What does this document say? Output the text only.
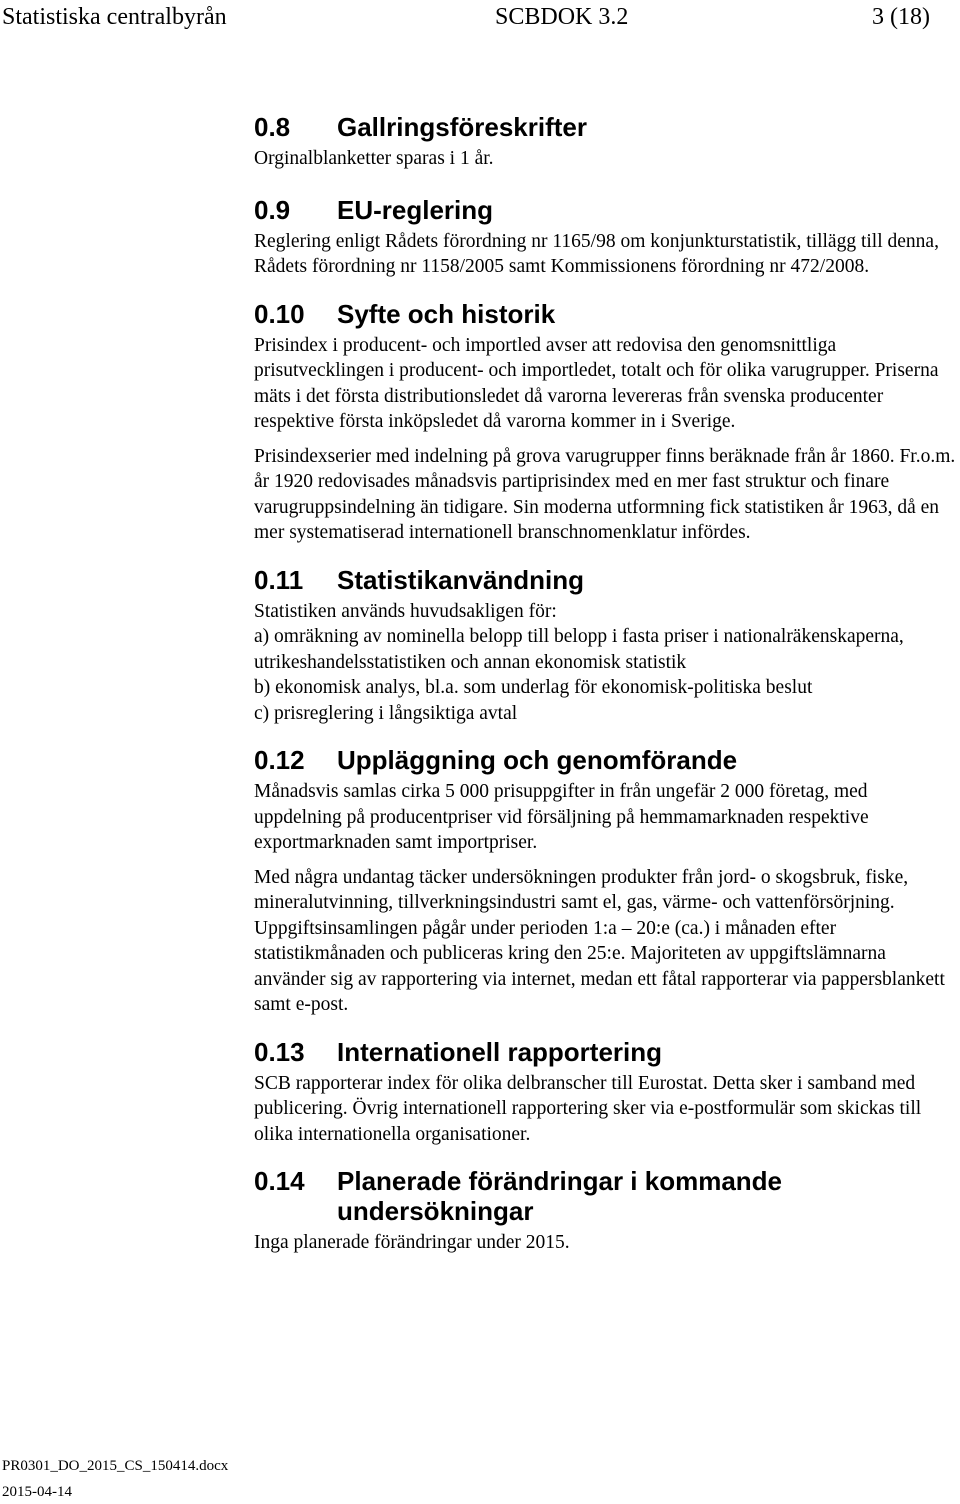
Statistiska centralbyrån	SCBDOK 3.2	3 (18)
0.8	Gallringsföreskrifter

Orginalblanketter sparas i 1 år.

0.9	EU-reglering

Reglering enligt Rådets förordning nr 1165/98 om konjunkturstatistik, tillägg till denna, Rådets förordning nr 1158/2005 samt Kommissionens förordning nr 472/2008.

0.10	Syfte och historik

Prisindex i producent- och importled avser att redovisa den genomsnittliga prisutvecklingen i producent- och importledet, totalt och för olika varugrupper. Priserna mäts i det första distributionsledet då varorna levereras från svenska producenter respektive första inköpsledet då varorna kommer in i Sverige.

Prisindexserier med indelning på grova varugrupper finns beräknade från år 1860. Fr.o.m. år 1920 redovisades månadsvis partiprisindex med en mer fast struktur och finare varugruppsindelning än tidigare. Sin moderna utformning fick statistiken år 1963, då en mer systematiserad internationell branschnomenklatur infördes.

0.11	Statistikanvändning

Statistiken används huvudsakligen för:

a) omräkning av nominella belopp till belopp i fasta priser i nationalräkenskaperna, utrikeshandelsstatistiken och annan ekonomisk statistik

b) ekonomisk analys, bl.a. som underlag för ekonomisk-politiska beslut

c) prisreglering i långsiktiga avtal

0.12	Uppläggning och genomförande

Månadsvis samlas cirka 5 000 prisuppgifter in från ungefär 2 000 företag, med uppdelning på producentpriser vid försäljning på hemmamarknaden respektive exportmarknaden samt importpriser.

Med några undantag täcker undersökningen produkter från jord- o skogsbruk, fiske, mineralutvinning, tillverkningsindustri samt el, gas, värme- och vattenförsörjning. Uppgiftsinsamlingen pågår under perioden 1:a – 20:e (ca.) i månaden efter statistikmånaden och publiceras kring den 25:e. Majoriteten av uppgiftslämnarna använder sig av rapportering via internet, medan ett fåtal rapporterar via pappersblankett samt e-post.

0.13	Internationell rapportering

SCB rapporterar index för olika delbranscher till Eurostat. Detta sker i samband med publicering. Övrig internationell rapportering sker via e-postformulär som skickas till olika internationella organisationer.

0.14	Planerade förändringar i kommande undersökningar

Inga planerade förändringar under 2015.

PR0301_DO_2015_CS_150414.docx
2015-04-14
